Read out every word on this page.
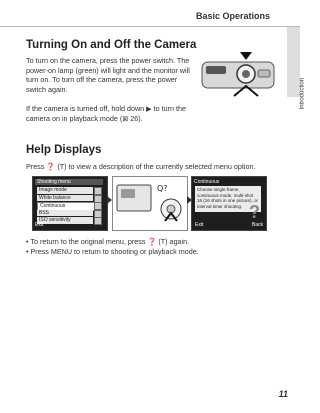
Basic Operations
Introduction
Turning On and Off the Camera

To turn on the camera, press the power switch. The power-on lamp (green) will light and the monitor will turn on. To turn off the camera, press the power switch again.

If the camera is turned off, hold down ▶ to turn the camera on in playback mode (⊠ 26).

Help Displays

Press ❓ (T) to view a description of the currently selected menu option.

Shooting menu
Image mode
White balance
Continuous
BSS
ISO sensitivity
Exit
Q?
Continuous
Choose single frame, continuous mode, multi-shot 16 (16 shots in one picture), or interval timer shooting. ?
Exit	Back
• To return to the original menu, press ❓ (T) again.
• Press MENU to return to shooting or playback mode.
11
